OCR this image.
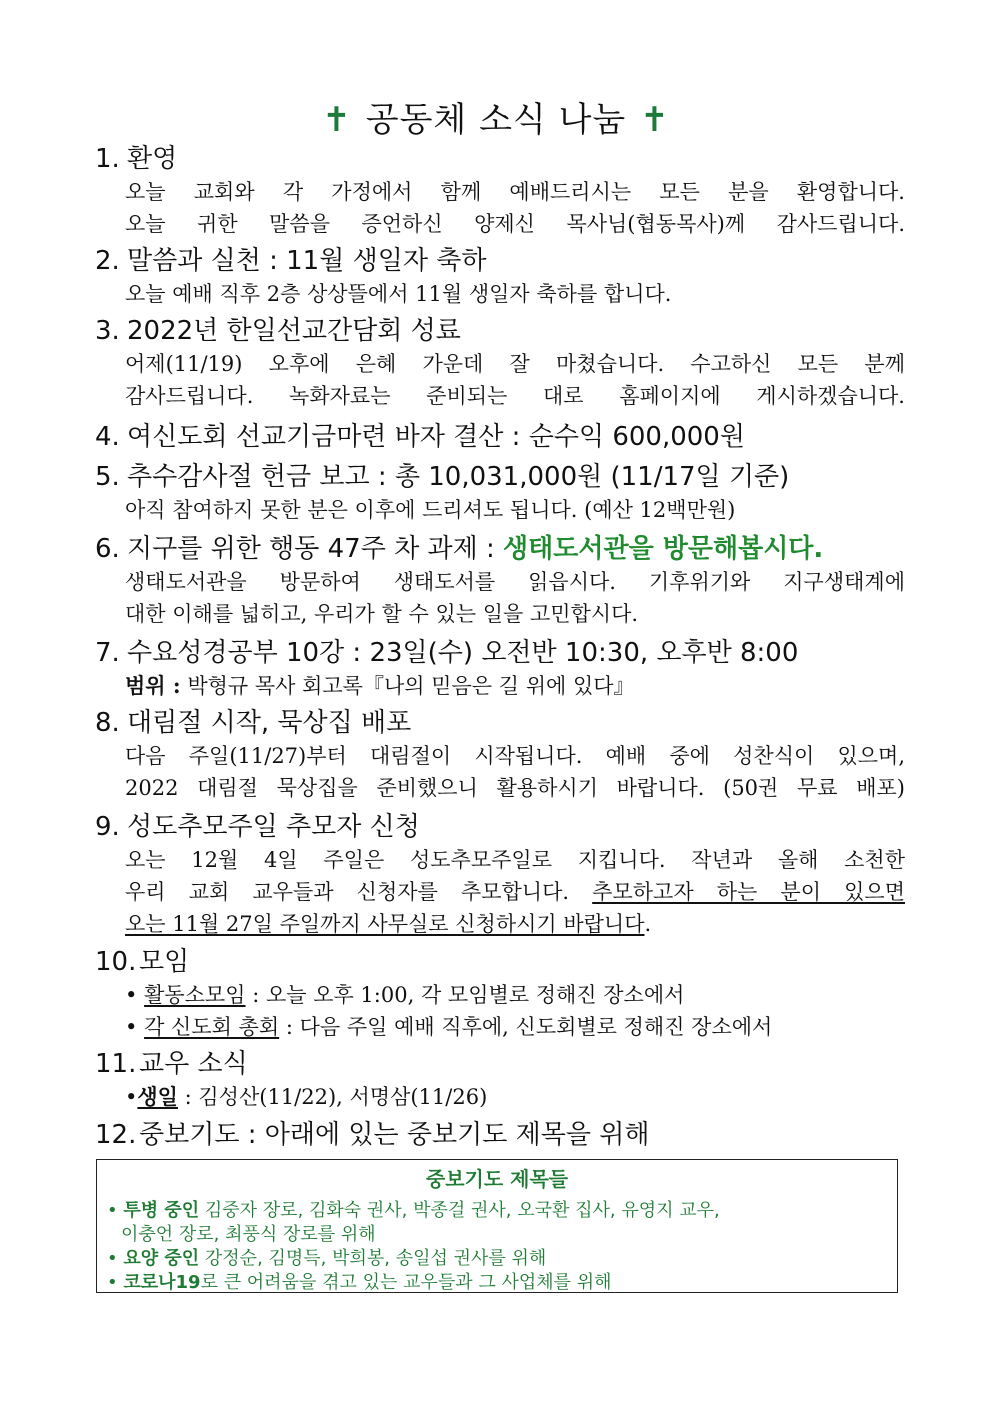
✝ 공동체 소식 나눔 ✝
1. 환영
오늘 교회와 각 가정에서 함께 예배드리시는 모든 분을 환영합니다.
오늘 귀한 말씀을 증언하신 양제신 목사님(협동목사)께 감사드립니다.
2. 말씀과 실천 : 11월 생일자 축하
오늘 예배 직후 2층 상상뜰에서 11월 생일자 축하를 합니다.
3. 2022년 한일선교간담회 성료
어제(11/19) 오후에 은혜 가운데 잘 마쳤습니다. 수고하신 모든 분께
감사드립니다. 녹화자료는 준비되는 대로 홈페이지에 게시하겠습니다.
4. 여신도회 선교기금마련 바자 결산 : 순수익 600,000원
5. 추수감사절 헌금 보고 : 총 10,031,000원 (11/17일 기준)
아직 참여하지 못한 분은 이후에 드리셔도 됩니다. (예산 12백만원)
6. 지구를 위한 행동 47주 차 과제 : 생태도서관을 방문해봅시다.
생태도서관을 방문하여 생태도서를 읽읍시다. 기후위기와 지구생태계에
대한 이해를 넓히고, 우리가 할 수 있는 일을 고민합시다.
7. 수요성경공부 10강 : 23일(수) 오전반 10:30, 오후반 8:00
범위 : 박형규 목사 회고록『나의 믿음은 길 위에 있다』
8. 대림절 시작, 묵상집 배포
다음 주일(11/27)부터 대림절이 시작됩니다. 예배 중에 성찬식이 있으며,
2022 대림절 묵상집을 준비했으니 활용하시기 바랍니다. (50권 무료 배포)
9. 성도추모주일 추모자 신청
오는 12월 4일 주일은 성도추모주일로 지킵니다. 작년과 올해 소천한
우리 교회 교우들과 신청자를 추모합니다. 추모하고자 하는 분이 있으면
오는 11월 27일 주일까지 사무실로 신청하시기 바랍니다.
10. 모임
• 활동소모임 : 오늘 오후 1:00, 각 모임별로 정해진 장소에서
• 각 신도회 총회 : 다음 주일 예배 직후에, 신도회별로 정해진 장소에서
11. 교우 소식
•생일 : 김성산(11/22), 서명삼(11/26)
12. 중보기도 : 아래에 있는 중보기도 제목을 위해
중보기도 제목들
• 투병 중인 김중자 장로, 김화숙 권사, 박종걸 권사, 오국환 집사, 유영지 교우,
이충언 장로, 최풍식 장로를 위해
• 요양 중인 강정순, 김명득, 박희봉, 송일섭 권사를 위해
• 코로나19로 큰 어려움을 겪고 있는 교우들과 그 사업체를 위해
